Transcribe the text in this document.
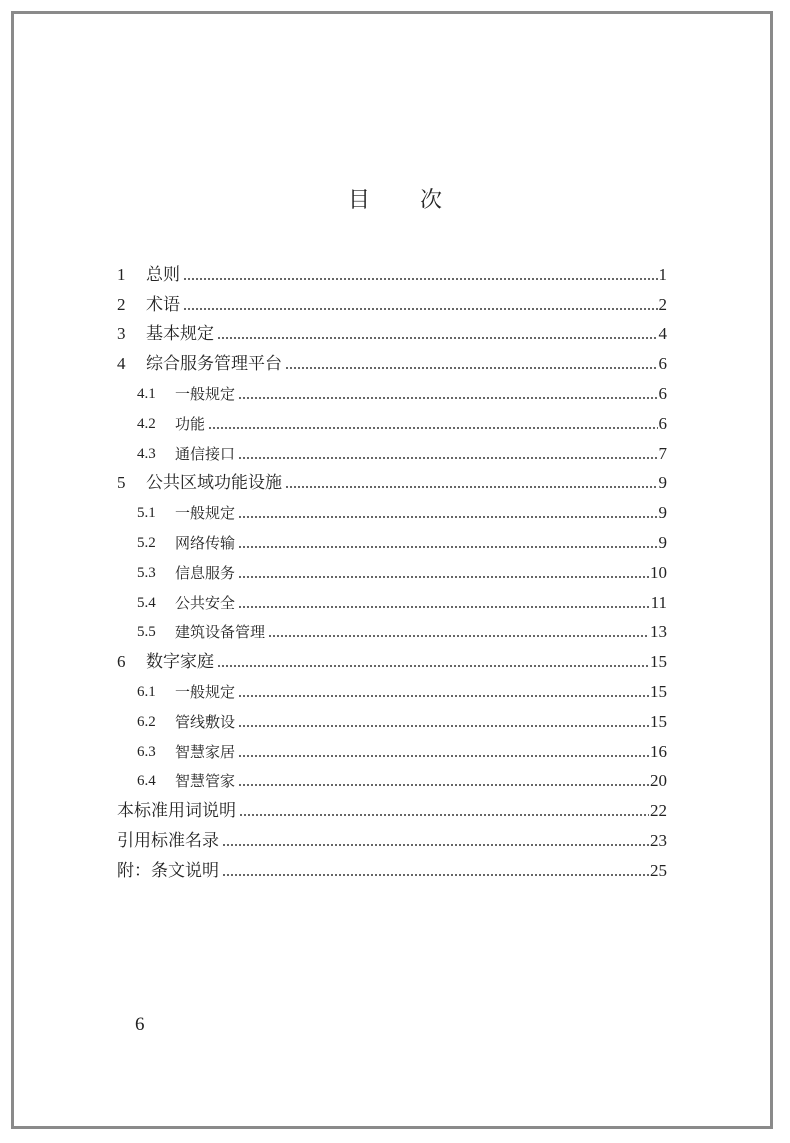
目 次
1	总则	1
2	术语	2
3	基本规定	4
4	综合服务管理平台	6
4.1	一般规定	6
4.2	功能	6
4.3	通信接口	7
5	公共区域功能设施	9
5.1	一般规定	9
5.2	网络传输	9
5.3	信息服务	10
5.4	公共安全	11
5.5	建筑设备管理	13
6	数字家庭	15
6.1	一般规定	15
6.2	管线敷设	15
6.3	智慧家居	16
6.4	智慧管家	20
本标准用词说明	22
引用标准名录	23
附：条文说明	25
6
